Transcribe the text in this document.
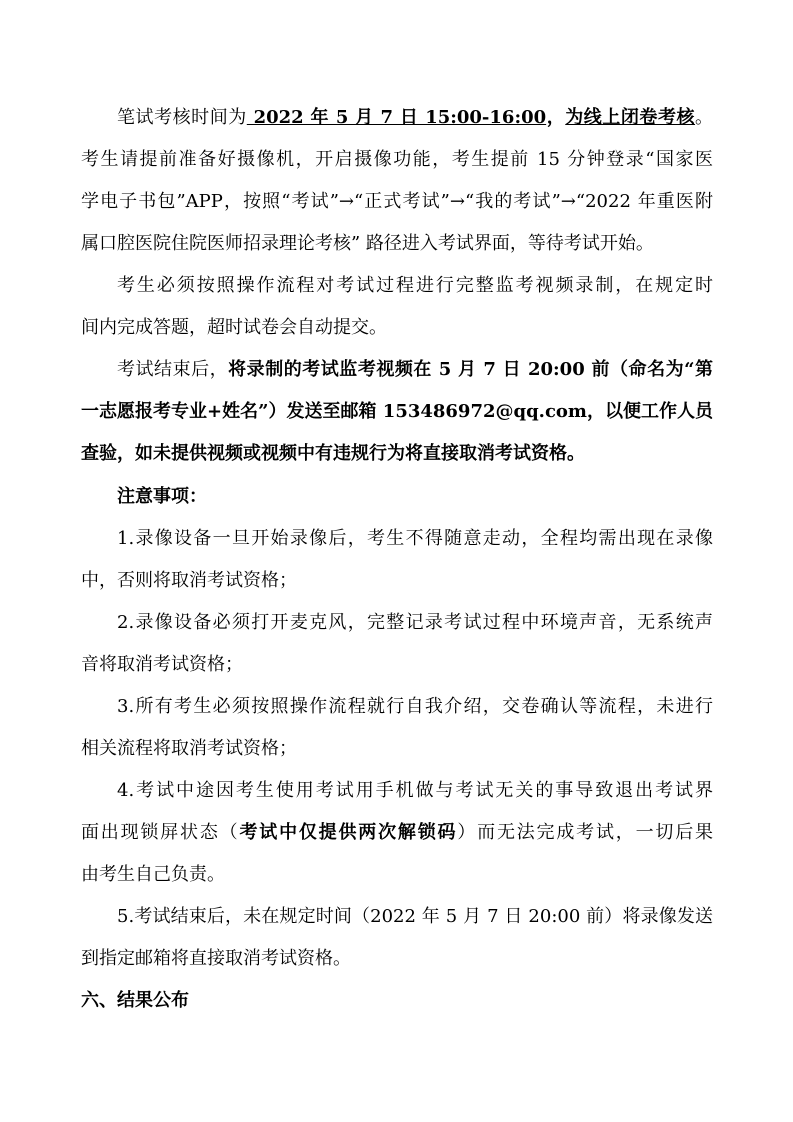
笔试考核时间为 2022 年 5 月 7 日 15:00-16:00，为线上闭卷考核。
考生请提前准备好摄像机，开启摄像功能，考生提前 15 分钟登录“国家医
学电子书包”APP，按照“考试”→“正式考试”→“我的考试”→“2022 年重医附
属口腔医院住院医师招录理论考核” 路径进入考试界面，等待考试开始。
考生必须按照操作流程对考试过程进行完整监考视频录制，在规定时
间内完成答题，超时试卷会自动提交。
考试结束后，将录制的考试监考视频在 5 月 7 日 20:00 前（命名为“第
一志愿报考专业+姓名”）发送至邮箱 153486972@qq.com，以便工作人员
查验，如未提供视频或视频中有违规行为将直接取消考试资格。
注意事项：
1.录像设备一旦开始录像后，考生不得随意走动，全程均需出现在录像
中，否则将取消考试资格；
2.录像设备必须打开麦克风，完整记录考试过程中环境声音，无系统声
音将取消考试资格；
3.所有考生必须按照操作流程就行自我介绍，交卷确认等流程，未进行
相关流程将取消考试资格；
4.考试中途因考生使用考试用手机做与考试无关的事导致退出考试界
面出现锁屏状态（考试中仅提供两次解锁码）而无法完成考试，一切后果
由考生自己负责。
5.考试结束后，未在规定时间（2022 年 5 月 7 日 20:00 前）将录像发送
到指定邮箱将直接取消考试资格。
六、结果公布
